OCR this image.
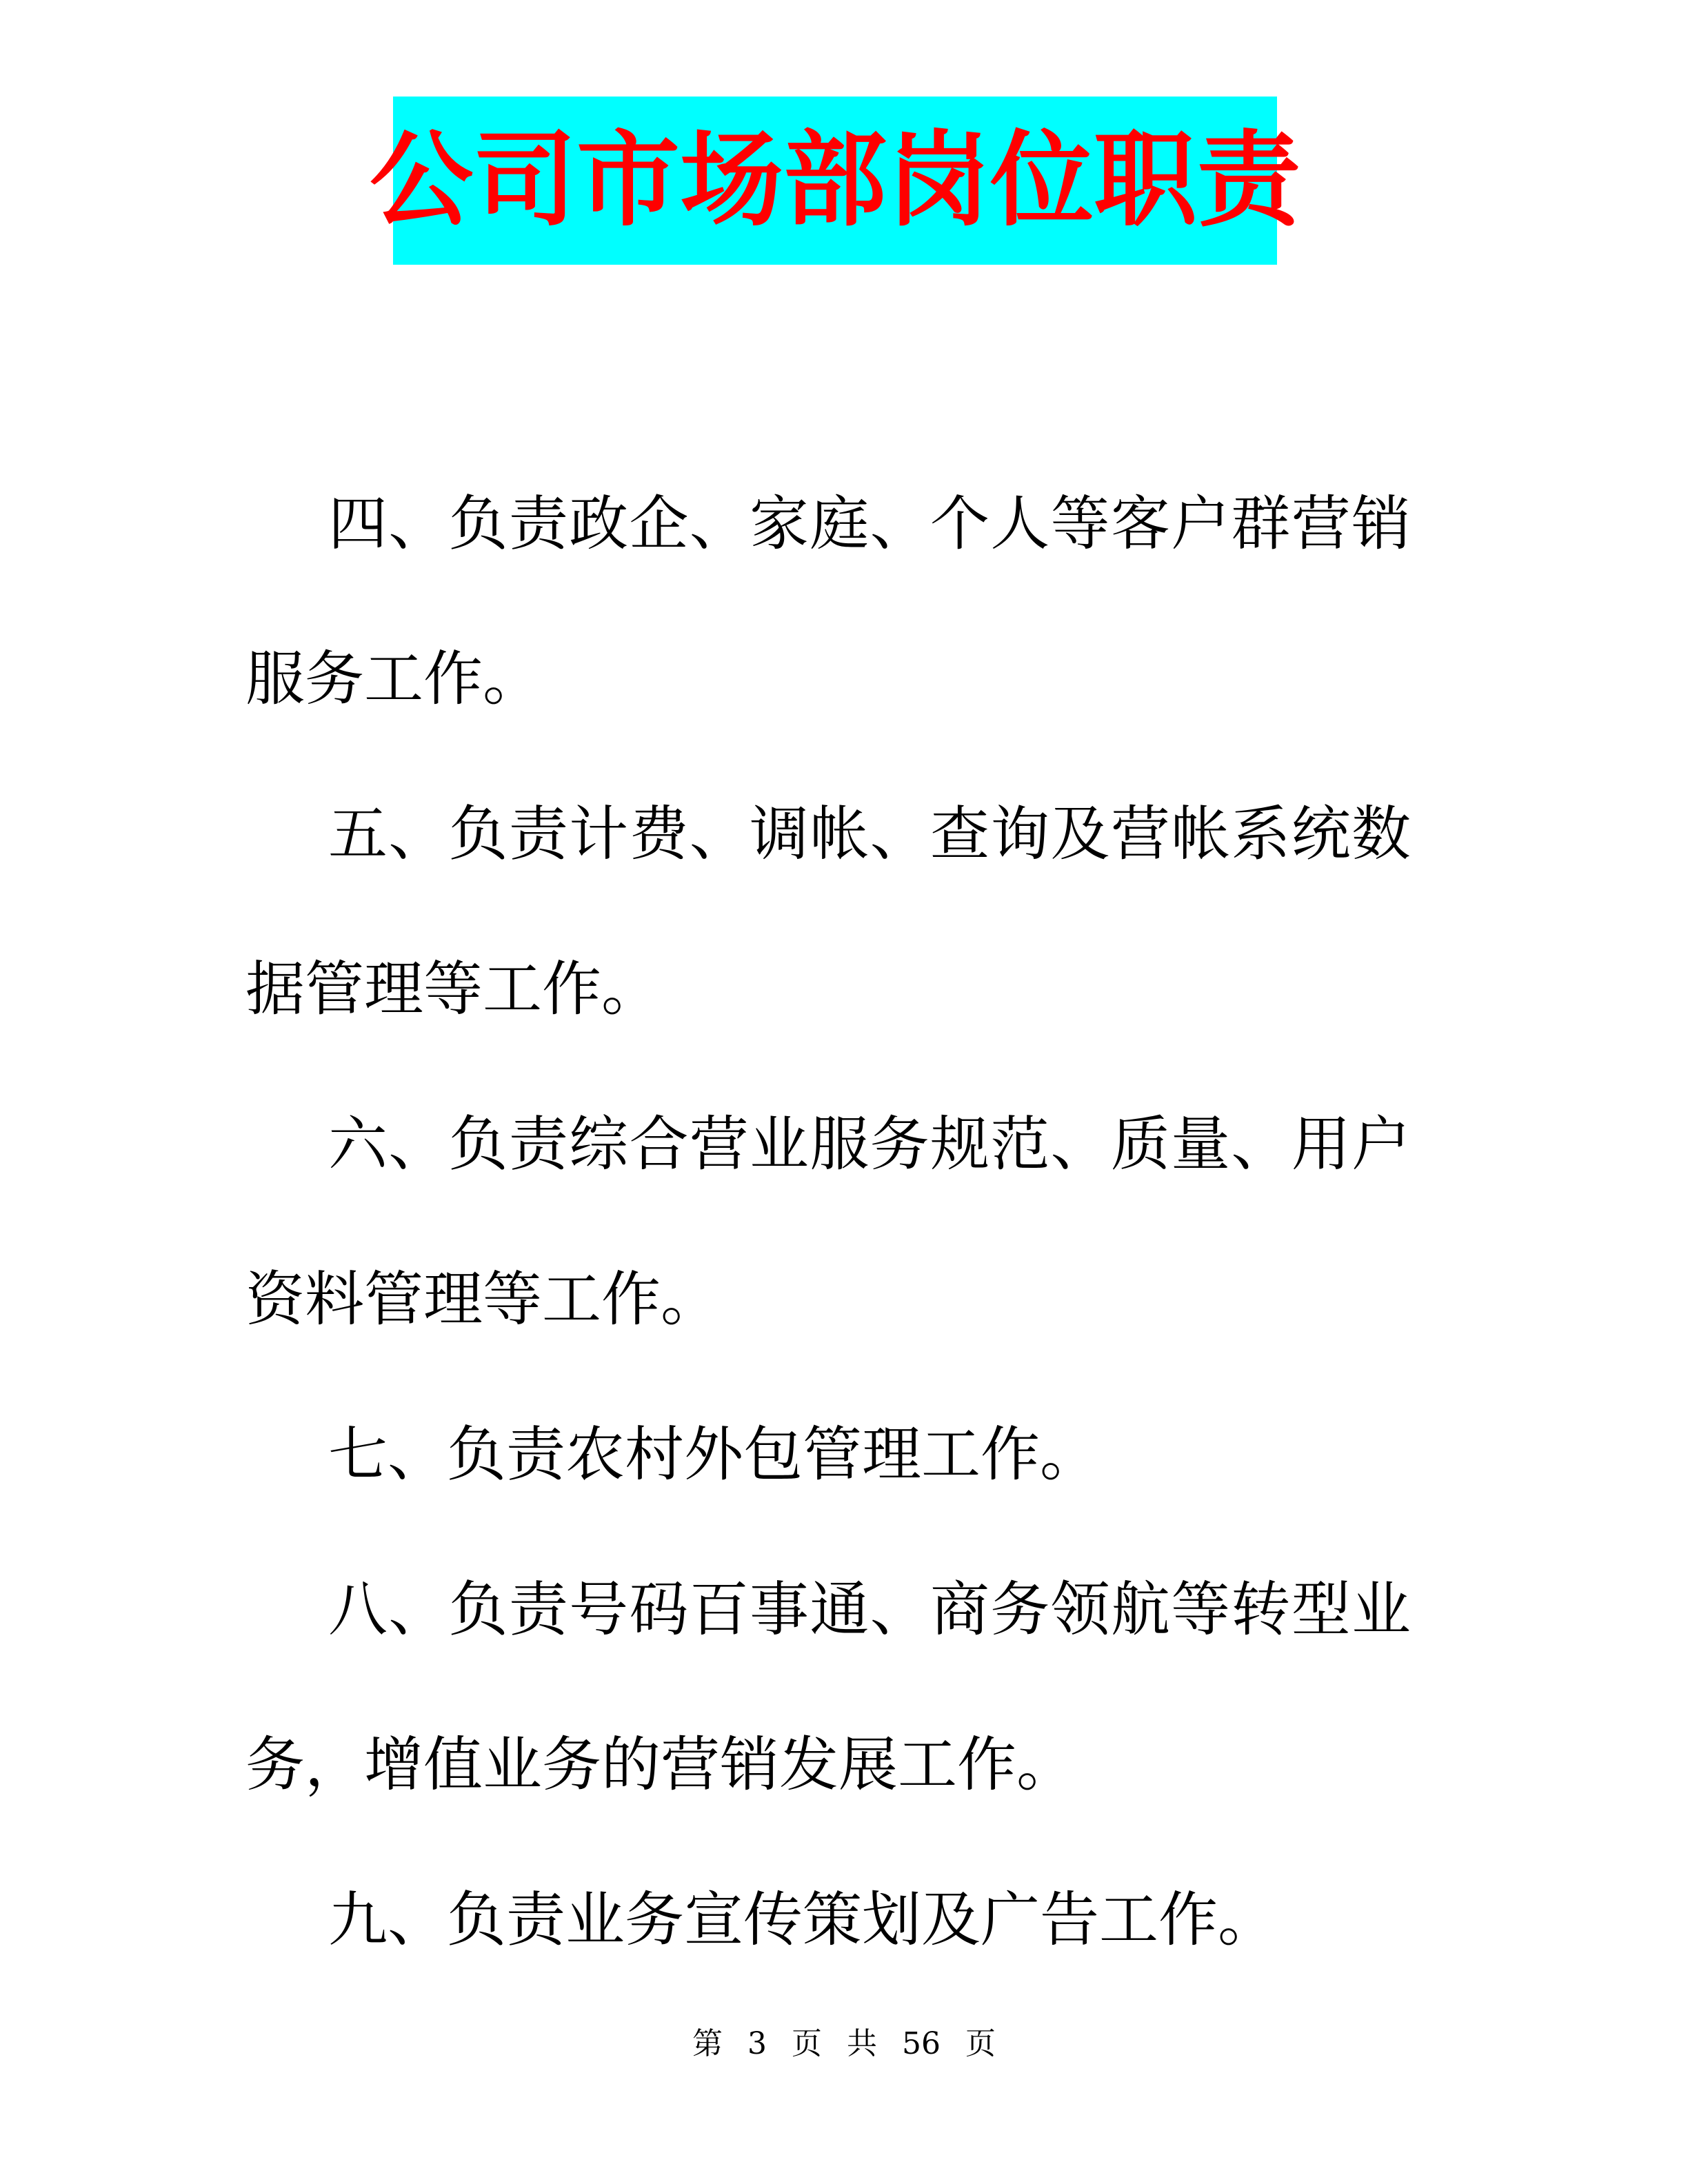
公司市场部岗位职责

四、负责政企、家庭、个人等客户群营销服务工作。

五、负责计费、调帐、查询及营帐系统数据管理等工作。

六、负责综合营业服务规范、质量、用户资料管理等工作。

七、负责农村外包管理工作。

八、负责号码百事通、商务领航等转型业务，增值业务的营销发展工作。

九、负责业务宣传策划及广告工作。

第 3 页 共 56 页
